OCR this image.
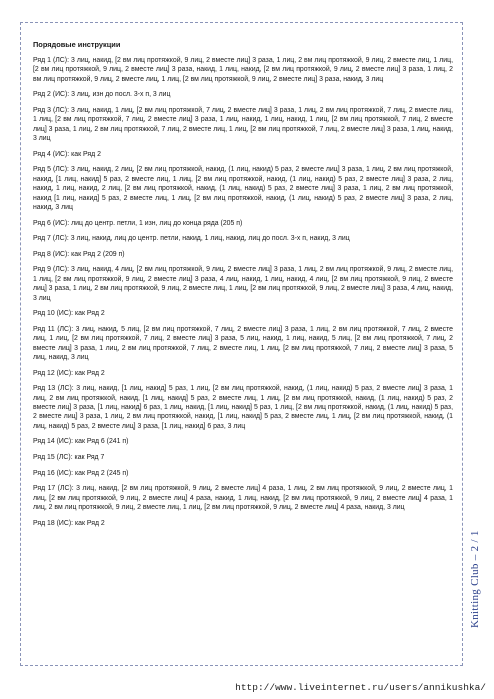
Порядовые инструкции
Ряд 1 (ЛС): 3 лиц, накид, [2 вм лиц протяжкой, 9 лиц, 2 вместе лиц] 3 раза, 1 лиц, 2 вм лиц протяжкой, 9 лиц, 2 вместе лиц, 1 лиц, [2 вм лиц протяжкой, 9 лиц, 2 вместе лиц] 3 раза, накид, 1 лиц, накид, [2 вм лиц протяжкой, 9 лиц, 2 вместе лиц] 3 раза, 1 лиц, 2 вм лиц протяжкой, 9 лиц, 2 вместе лиц, 1 лиц, [2 вм лиц протяжкой, 9 лиц, 2 вместе лиц] 3 раза, накид, 3 лиц
Ряд 2 (ИС): 3 лиц, изн до посл. 3-х п, 3 лиц
Ряд 3 (ЛС): 3 лиц, накид, 1 лиц, [2 вм лиц протяжкой, 7 лиц, 2 вместе лиц] 3 раза, 1 лиц, 2 вм лиц протяжкой, 7 лиц, 2 вместе лиц, 1 лиц, [2 вм лиц протяжкой, 7 лиц, 2 вместе лиц] 3 раза, 1 лиц, накид, 1 лиц, накид, 1 лиц, [2 вм лиц протяжкой, 7 лиц, 2 вместе лиц] 3 раза, 1 лиц, 2 вм лиц протяжкой, 7 лиц, 2 вместе лиц, 1 лиц, [2 вм лиц протяжкой, 7 лиц, 2 вместе лиц] 3 раза, 1 лиц, накид, 3 лиц
Ряд 4 (ИС): как Ряд 2
Ряд 5 (ЛС): 3 лиц, накид, 2 лиц, [2 вм лиц протяжкой, накид, (1 лиц, накид) 5 раз, 2 вместе лиц] 3 раза, 1 лиц, 2 вм лиц протяжкой, накид, [1 лиц, накид] 5 раз, 2 вместе лиц, 1 лиц, [2 вм лиц протяжкой, накид, (1 лиц, накид) 5 раз, 2 вместе лиц] 3 раза, 2 лиц, накид, 1 лиц, накид, 2 лиц, [2 вм лиц протяжкой, накид, (1 лиц, накид) 5 раз, 2 вместе лиц] 3 раза, 1 лиц, 2 вм лиц протяжкой, накид [1 лиц, накид] 5 раз, 2 вместе лиц, 1 лиц, [2 вм лиц протяжкой, накид, (1 лиц, накид) 5 раз, 2 вместе лиц] 3 раза, 2 лиц, накид, 3 лиц
Ряд 6 (ИС): лиц до центр. петли, 1 изн, лиц до конца ряда (205 п)
Ряд 7 (ЛС): 3 лиц, накид, лиц до центр. петли, накид, 1 лиц, накид, лиц до посл. 3-х п, накид, 3 лиц
Ряд 8 (ИС): как Ряд 2 (209 п)
Ряд 9 (ЛС): 3 лиц, накид, 4 лиц, [2 вм лиц протяжкой, 9 лиц, 2 вместе лиц] 3 раза, 1 лиц, 2 вм лиц протяжкой, 9 лиц, 2 вместе лиц, 1 лиц, [2 вм лиц протяжкой, 9 лиц, 2 вместе лиц] 3 раза, 4 лиц, накид, 1 лиц, накид, 4 лиц, [2 вм лиц протяжкой, 9 лиц, 2 вместе лиц] 3 раза, 1 лиц, 2 вм лиц протяжкой, 9 лиц, 2 вместе лиц, 1 лиц, [2 вм лиц протяжкой, 9 лиц, 2 вместе лиц] 3 раза, 4 лиц, накид, 3 лиц
Ряд 10 (ИС): как Ряд 2
Ряд 11 (ЛС): 3 лиц, накид, 5 лиц, [2 вм лиц протяжкой, 7 лиц, 2 вместе лиц] 3 раза, 1 лиц, 2 вм лиц протяжкой, 7 лиц, 2 вместе лиц, 1 лиц, [2 вм лиц протяжкой, 7 лиц, 2 вместе лиц] 3 раза, 5 лиц, накид, 1 лиц, накид, 5 лиц, [2 вм лиц протяжкой, 7 лиц, 2 вместе лиц] 3 раза, 1 лиц, 2 вм лиц протяжкой, 7 лиц, 2 вместе лиц, 1 лиц, [2 вм лиц протяжкой, 7 лиц, 2 вместе лиц] 3 раза, 5 лиц, накид, 3 лиц
Ряд 12 (ИС): как Ряд 2
Ряд 13 (ЛС): 3 лиц, накид, [1 лиц, накид] 5 раз, 1 лиц, [2 вм лиц протяжкой, накид, (1 лиц, накид) 5 раз, 2 вместе лиц] 3 раза, 1 лиц, 2 вм лиц протяжкой, накид, [1 лиц, накид] 5 раз, 2 вместе лиц, 1 лиц, [2 вм лиц протяжкой, накид, (1 лиц, накид) 5 раз, 2 вместе лиц] 3 раза, [1 лиц, накид] 6 раз, 1 лиц, накид, [1 лиц, накид] 5 раз, 1 лиц, [2 вм лиц протяжкой, накид, (1 лиц, накид) 5 раз, 2 вместе лиц] 3 раза, 1 лиц, 2 вм лиц протяжкой, накид, [1 лиц, накид] 5 раз, 2 вместе лиц, 1 лиц, [2 вм лиц протяжкой, накид, (1 лиц, накид) 5 раз, 2 вместе лиц] 3 раза, [1 лиц, накид] 6 раз, 3 лиц
Ряд 14 (ИС): как Ряд 6 (241 п)
Ряд 15 (ЛС): как Ряд 7
Ряд 16 (ИС): как Ряд 2 (245 п)
Ряд 17 (ЛС): 3 лиц, накид, [2 вм лиц протяжкой, 9 лиц, 2 вместе лиц] 4 раза, 1 лиц, 2 вм лиц протяжкой, 9 лиц, 2 вместе лиц, 1 лиц, [2 вм лиц протяжкой, 9 лиц, 2 вместе лиц] 4 раза, накид, 1 лиц, накид, [2 вм лиц протяжкой, 9 лиц, 2 вместе лиц] 4 раза, 1 лиц, 2 вм лиц протяжкой, 9 лиц, 2 вместе лиц, 1 лиц, [2 вм лиц протяжкой, 9 лиц, 2 вместе лиц] 4 раза, накид, 3 лиц
Ряд 18 (ИС): как Ряд 2
Knitting Club – 2 / 1
http://www.liveinternet.ru/users/annikushka/
